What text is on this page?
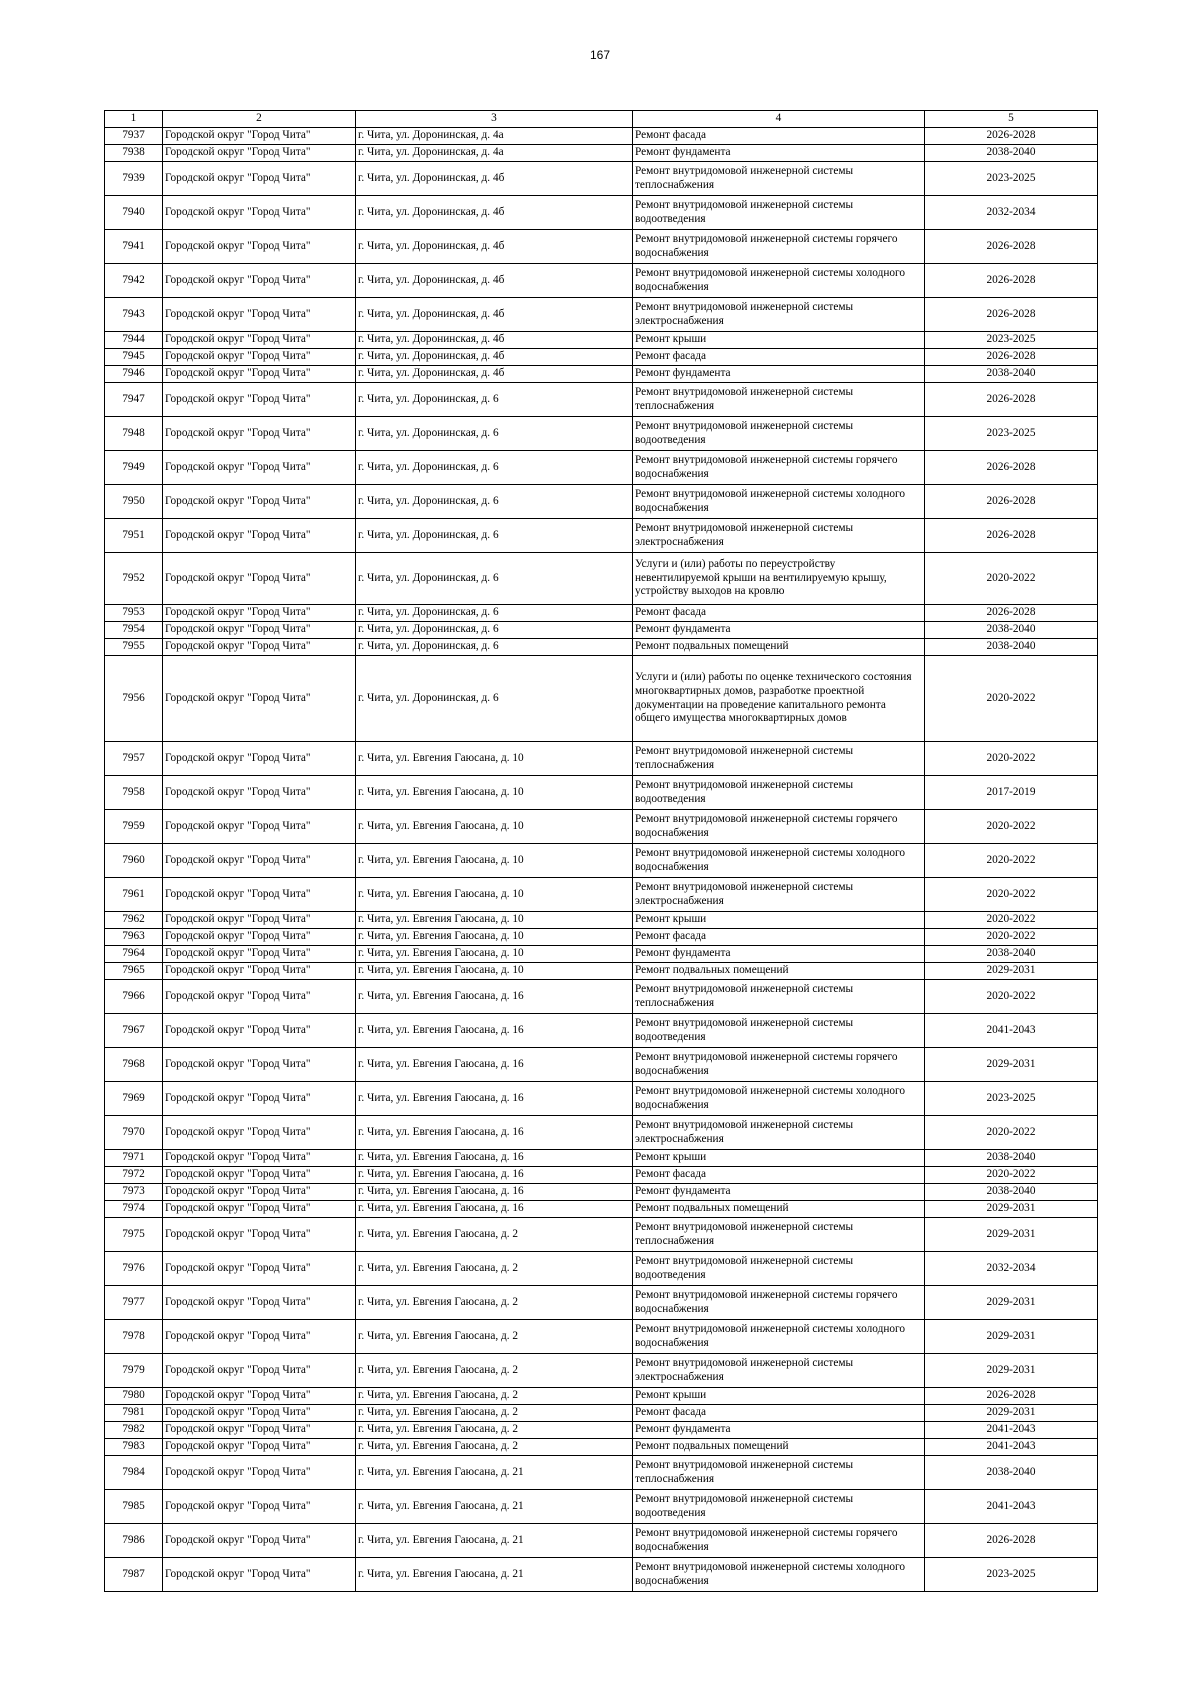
167
1	2	3	4	5
7937	Городской округ "Город Чита"	г. Чита, ул. Доронинская, д. 4а	Ремонт фасада	2026-2028
7938	Городской округ "Город Чита"	г. Чита, ул. Доронинская, д. 4а	Ремонт фундамента	2038-2040
7939	Городской округ "Город Чита"	г. Чита, ул. Доронинская, д. 4б	Ремонт внутридомовой инженерной системы теплоснабжения	2023-2025
7940	Городской округ "Город Чита"	г. Чита, ул. Доронинская, д. 4б	Ремонт внутридомовой инженерной системы водоотведения	2032-2034
7941	Городской округ "Город Чита"	г. Чита, ул. Доронинская, д. 4б	Ремонт внутридомовой инженерной системы горячего водоснабжения	2026-2028
7942	Городской округ "Город Чита"	г. Чита, ул. Доронинская, д. 4б	Ремонт внутридомовой инженерной системы холодного водоснабжения	2026-2028
7943	Городской округ "Город Чита"	г. Чита, ул. Доронинская, д. 4б	Ремонт внутридомовой инженерной системы электроснабжения	2026-2028
7944	Городской округ "Город Чита"	г. Чита, ул. Доронинская, д. 4б	Ремонт крыши	2023-2025
7945	Городской округ "Город Чита"	г. Чита, ул. Доронинская, д. 4б	Ремонт фасада	2026-2028
7946	Городской округ "Город Чита"	г. Чита, ул. Доронинская, д. 4б	Ремонт фундамента	2038-2040
7947	Городской округ "Город Чита"	г. Чита, ул. Доронинская, д. 6	Ремонт внутридомовой инженерной системы теплоснабжения	2026-2028
7948	Городской округ "Город Чита"	г. Чита, ул. Доронинская, д. 6	Ремонт внутридомовой инженерной системы водоотведения	2023-2025
7949	Городской округ "Город Чита"	г. Чита, ул. Доронинская, д. 6	Ремонт внутридомовой инженерной системы горячего водоснабжения	2026-2028
7950	Городской округ "Город Чита"	г. Чита, ул. Доронинская, д. 6	Ремонт внутридомовой инженерной системы холодного водоснабжения	2026-2028
7951	Городской округ "Город Чита"	г. Чита, ул. Доронинская, д. 6	Ремонт внутридомовой инженерной системы электроснабжения	2026-2028
7952	Городской округ "Город Чита"	г. Чита, ул. Доронинская, д. 6	Услуги и (или) работы по переустройству невентилируемой крыши на вентилируемую крышу, устройству выходов на кровлю	2020-2022
7953	Городской округ "Город Чита"	г. Чита, ул. Доронинская, д. 6	Ремонт фасада	2026-2028
7954	Городской округ "Город Чита"	г. Чита, ул. Доронинская, д. 6	Ремонт фундамента	2038-2040
7955	Городской округ "Город Чита"	г. Чита, ул. Доронинская, д. 6	Ремонт подвальных помещений	2038-2040
7956	Городской округ "Город Чита"	г. Чита, ул. Доронинская, д. 6	Услуги и (или) работы по оценке технического состояния многоквартирных домов, разработке проектной документации на проведение капитального ремонта общего имущества многоквартирных домов	2020-2022
7957	Городской округ "Город Чита"	г. Чита, ул. Евгения Гаюсана, д. 10	Ремонт внутридомовой инженерной системы теплоснабжения	2020-2022
7958	Городской округ "Город Чита"	г. Чита, ул. Евгения Гаюсана, д. 10	Ремонт внутридомовой инженерной системы водоотведения	2017-2019
7959	Городской округ "Город Чита"	г. Чита, ул. Евгения Гаюсана, д. 10	Ремонт внутридомовой инженерной системы горячего водоснабжения	2020-2022
7960	Городской округ "Город Чита"	г. Чита, ул. Евгения Гаюсана, д. 10	Ремонт внутридомовой инженерной системы холодного водоснабжения	2020-2022
7961	Городской округ "Город Чита"	г. Чита, ул. Евгения Гаюсана, д. 10	Ремонт внутридомовой инженерной системы электроснабжения	2020-2022
7962	Городской округ "Город Чита"	г. Чита, ул. Евгения Гаюсана, д. 10	Ремонт крыши	2020-2022
7963	Городской округ "Город Чита"	г. Чита, ул. Евгения Гаюсана, д. 10	Ремонт фасада	2020-2022
7964	Городской округ "Город Чита"	г. Чита, ул. Евгения Гаюсана, д. 10	Ремонт фундамента	2038-2040
7965	Городской округ "Город Чита"	г. Чита, ул. Евгения Гаюсана, д. 10	Ремонт подвальных помещений	2029-2031
7966	Городской округ "Город Чита"	г. Чита, ул. Евгения Гаюсана, д. 16	Ремонт внутридомовой инженерной системы теплоснабжения	2020-2022
7967	Городской округ "Город Чита"	г. Чита, ул. Евгения Гаюсана, д. 16	Ремонт внутридомовой инженерной системы водоотведения	2041-2043
7968	Городской округ "Город Чита"	г. Чита, ул. Евгения Гаюсана, д. 16	Ремонт внутридомовой инженерной системы горячего водоснабжения	2029-2031
7969	Городской округ "Город Чита"	г. Чита, ул. Евгения Гаюсана, д. 16	Ремонт внутридомовой инженерной системы холодного водоснабжения	2023-2025
7970	Городской округ "Город Чита"	г. Чита, ул. Евгения Гаюсана, д. 16	Ремонт внутридомовой инженерной системы электроснабжения	2020-2022
7971	Городской округ "Город Чита"	г. Чита, ул. Евгения Гаюсана, д. 16	Ремонт крыши	2038-2040
7972	Городской округ "Город Чита"	г. Чита, ул. Евгения Гаюсана, д. 16	Ремонт фасада	2020-2022
7973	Городской округ "Город Чита"	г. Чита, ул. Евгения Гаюсана, д. 16	Ремонт фундамента	2038-2040
7974	Городской округ "Город Чита"	г. Чита, ул. Евгения Гаюсана, д. 16	Ремонт подвальных помещений	2029-2031
7975	Городской округ "Город Чита"	г. Чита, ул. Евгения Гаюсана, д. 2	Ремонт внутридомовой инженерной системы теплоснабжения	2029-2031
7976	Городской округ "Город Чита"	г. Чита, ул. Евгения Гаюсана, д. 2	Ремонт внутридомовой инженерной системы водоотведения	2032-2034
7977	Городской округ "Город Чита"	г. Чита, ул. Евгения Гаюсана, д. 2	Ремонт внутридомовой инженерной системы горячего водоснабжения	2029-2031
7978	Городской округ "Город Чита"	г. Чита, ул. Евгения Гаюсана, д. 2	Ремонт внутридомовой инженерной системы холодного водоснабжения	2029-2031
7979	Городской округ "Город Чита"	г. Чита, ул. Евгения Гаюсана, д. 2	Ремонт внутридомовой инженерной системы электроснабжения	2029-2031
7980	Городской округ "Город Чита"	г. Чита, ул. Евгения Гаюсана, д. 2	Ремонт крыши	2026-2028
7981	Городской округ "Город Чита"	г. Чита, ул. Евгения Гаюсана, д. 2	Ремонт фасада	2029-2031
7982	Городской округ "Город Чита"	г. Чита, ул. Евгения Гаюсана, д. 2	Ремонт фундамента	2041-2043
7983	Городской округ "Город Чита"	г. Чита, ул. Евгения Гаюсана, д. 2	Ремонт подвальных помещений	2041-2043
7984	Городской округ "Город Чита"	г. Чита, ул. Евгения Гаюсана, д. 21	Ремонт внутридомовой инженерной системы теплоснабжения	2038-2040
7985	Городской округ "Город Чита"	г. Чита, ул. Евгения Гаюсана, д. 21	Ремонт внутридомовой инженерной системы водоотведения	2041-2043
7986	Городской округ "Город Чита"	г. Чита, ул. Евгения Гаюсана, д. 21	Ремонт внутридомовой инженерной системы горячего водоснабжения	2026-2028
7987	Городской округ "Город Чита"	г. Чита, ул. Евгения Гаюсана, д. 21	Ремонт внутридомовой инженерной системы холодного водоснабжения	2023-2025
